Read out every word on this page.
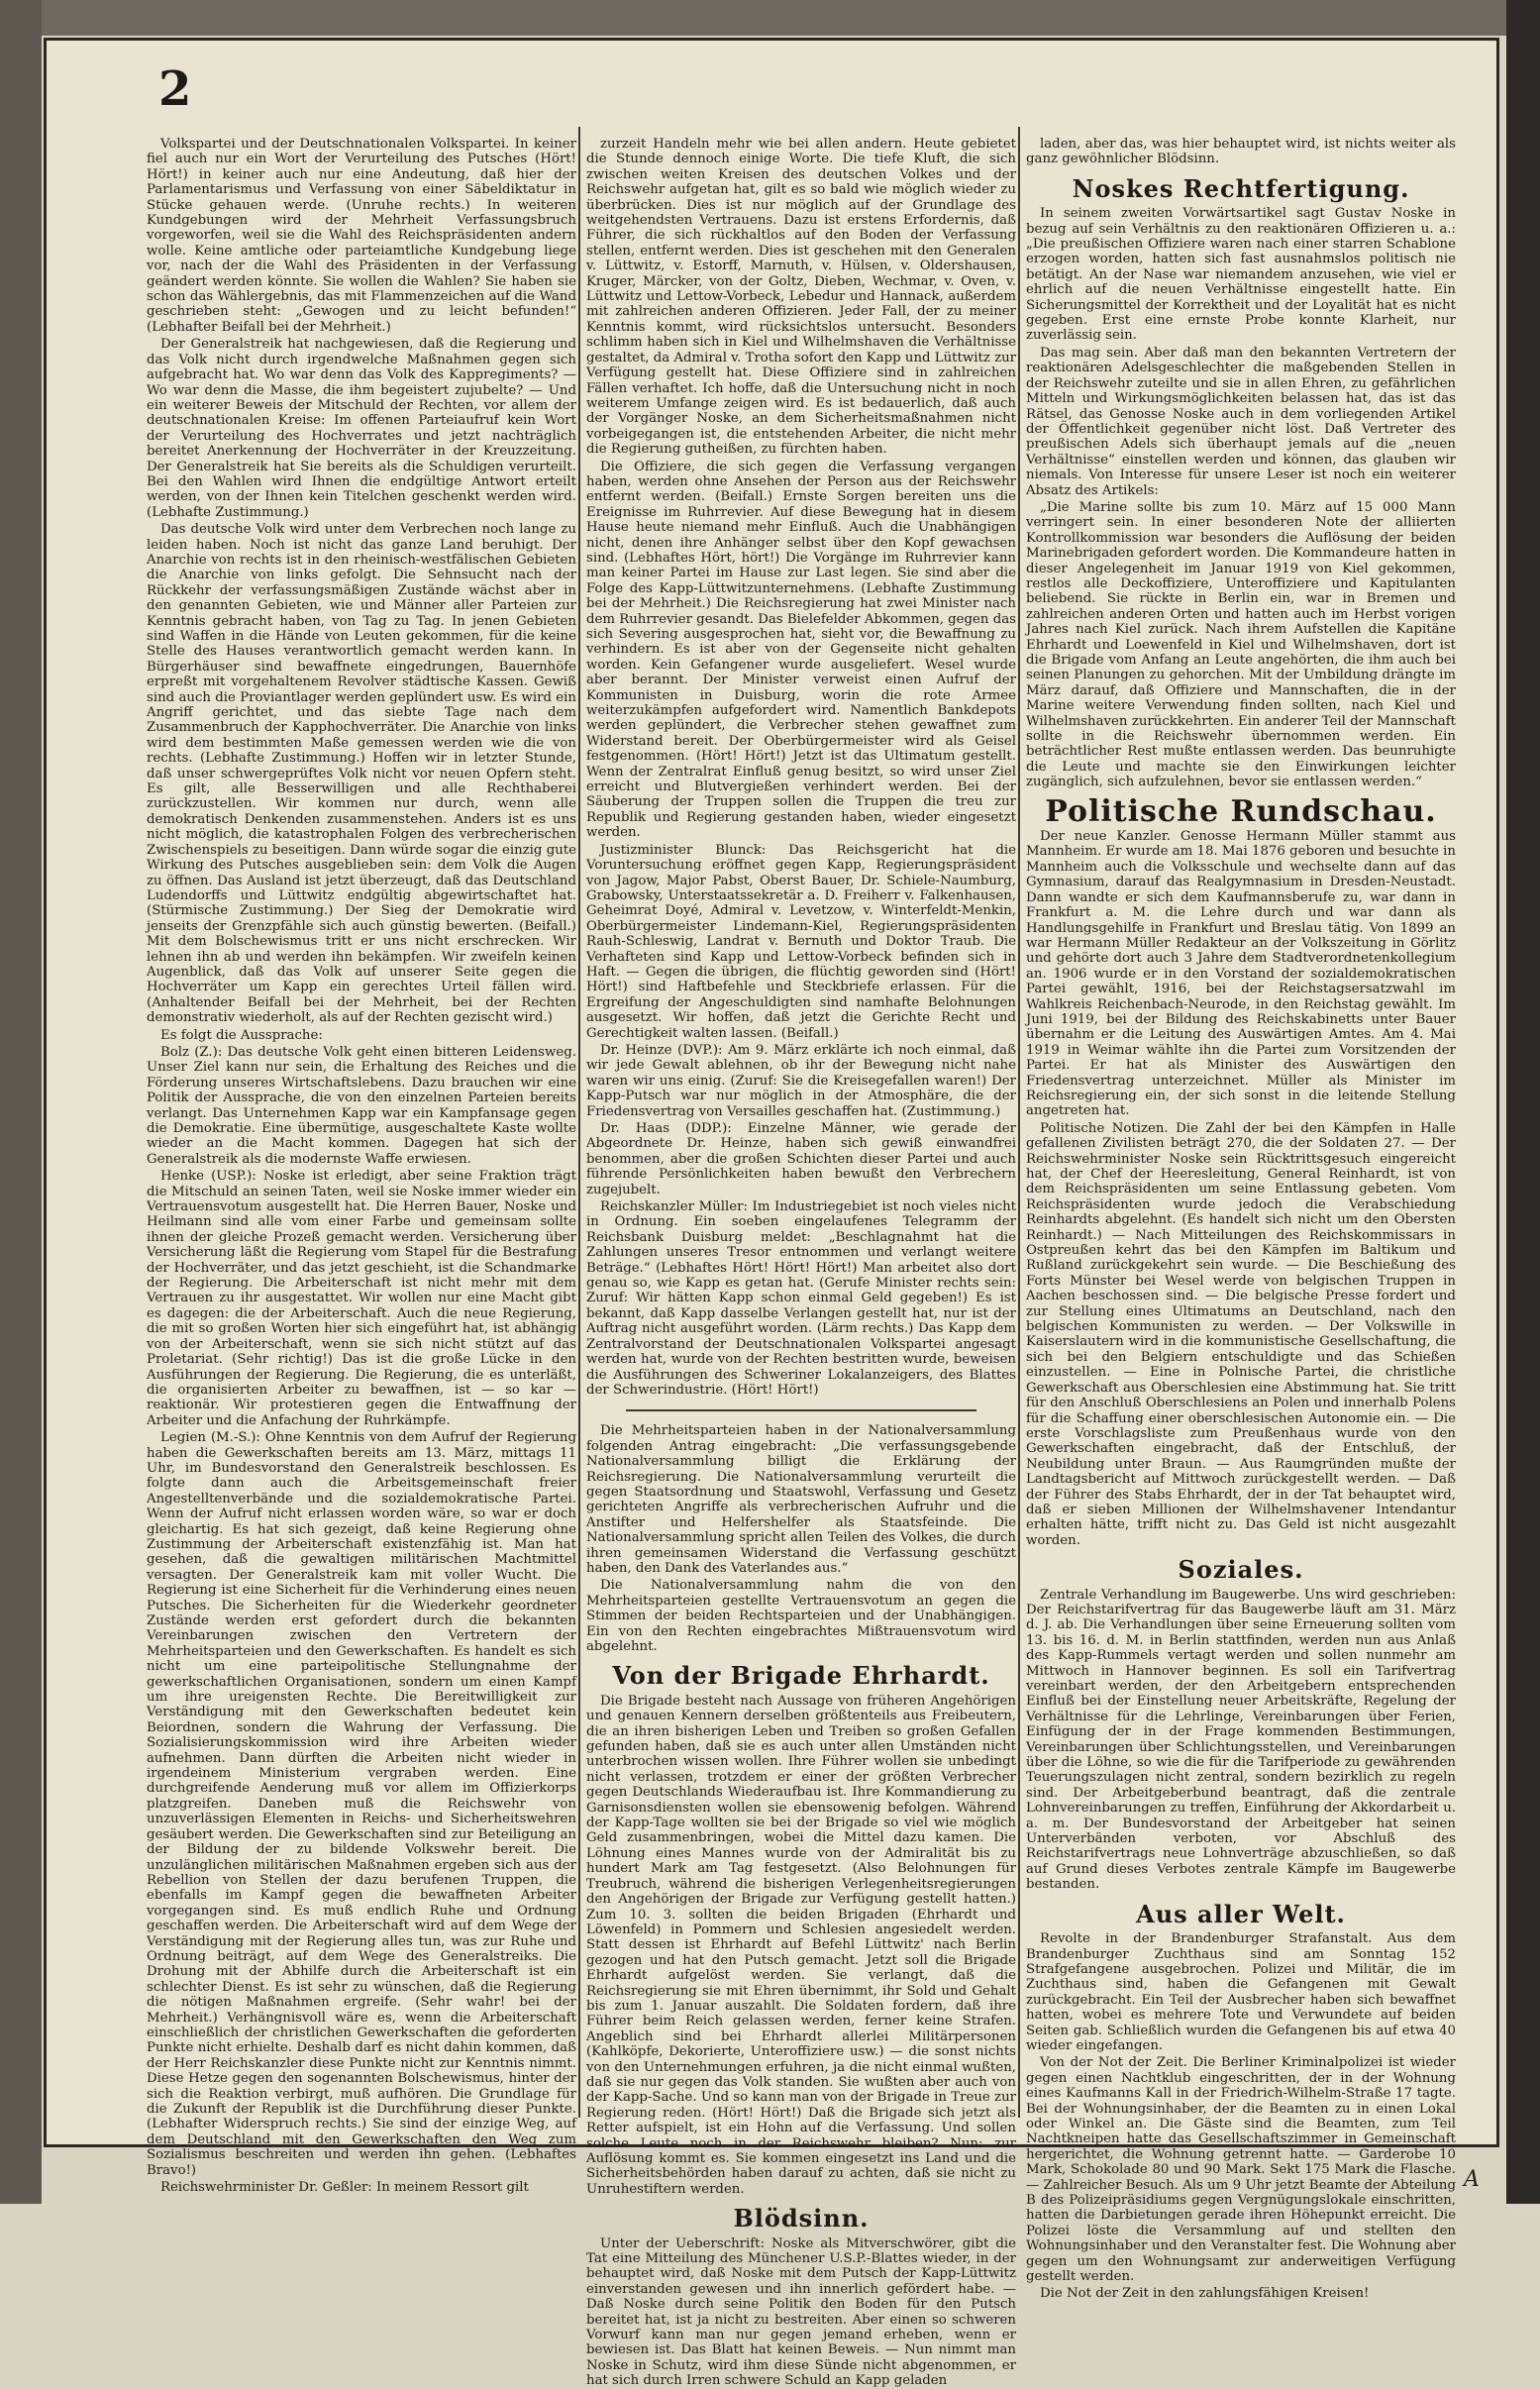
2

Volkspartei und der Deutschnationalen Volkspartei. In keiner fiel auch nur ein Wort der Verurteilung des Putsches (Hört! Hört!) in keiner auch nur eine Andeutung, daß hier der Parlamentarismus und Verfassung von einer Säbeldiktatur in Stücke gehauen werde. (Unruhe rechts.) In weiteren Kundgebungen wird der Mehrheit Verfassungsbruch vorgeworfen, weil sie die Wahl des Reichspräsidenten andern wolle. Keine amtliche oder parteiamtliche Kundgebung liege vor, nach der die Wahl des Präsidenten in der Verfassung geändert werden könnte. Sie wollen die Wahlen? Sie haben sie schon das Wählergebnis, das mit Flammenzeichen auf die Wand geschrieben steht: „Gewogen und zu leicht befunden!“ (Lebhafter Beifall bei der Mehrheit.)

Der Generalstreik hat nachgewiesen, daß die Regierung und das Volk nicht durch irgendwelche Maßnahmen gegen sich aufgebracht hat. Wo war denn das Volk des Kappregiments? — Wo war denn die Masse, die ihm begeistert zujubelte? — Und ein weiterer Beweis der Mitschuld der Rechten, vor allem der deutschnationalen Kreise: Im offenen Parteiaufruf kein Wort der Verurteilung des Hochverrates und jetzt nachträglich bereitet Anerkennung der Hochverräter in der Kreuzzeitung. Der Generalstreik hat Sie bereits als die Schuldigen verurteilt. Bei den Wahlen wird Ihnen die endgültige Antwort erteilt werden, von der Ihnen kein Titelchen geschenkt werden wird. (Lebhafte Zustimmung.)

Das deutsche Volk wird unter dem Verbrechen noch lange zu leiden haben. Noch ist nicht das ganze Land beruhigt. Der Anarchie von rechts ist in den rheinisch-westfälischen Gebieten die Anarchie von links gefolgt. Die Sehnsucht nach der Rückkehr der verfassungsmäßigen Zustände wächst aber in den genannten Gebieten, wie und Männer aller Parteien zur Kenntnis gebracht haben, von Tag zu Tag. In jenen Gebieten sind Waffen in die Hände von Leuten gekommen, für die keine Stelle des Hauses verantwortlich gemacht werden kann. In Bürgerhäuser sind bewaffnete eingedrungen, Bauernhöfe erpreßt mit vorgehaltenem Revolver städtische Kassen. Gewiß sind auch die Proviantlager werden geplündert usw. Es wird ein Angriff gerichtet, und das siebte Tage nach dem Zusammenbruch der Kapphochverräter. Die Anarchie von links wird dem bestimmten Maße gemessen werden wie die von rechts. (Lebhafte Zustimmung.) Hoffen wir in letzter Stunde, daß unser schwergeprüftes Volk nicht vor neuen Opfern steht. Es gilt, alle Besserwilligen und alle Rechthaberei zurückzustellen. Wir kommen nur durch, wenn alle demokratisch Denkenden zusammenstehen. Anders ist es uns nicht möglich, die katastrophalen Folgen des verbrecherischen Zwischenspiels zu beseitigen. Dann würde sogar die einzig gute Wirkung des Putsches ausgeblieben sein: dem Volk die Augen zu öffnen. Das Ausland ist jetzt überzeugt, daß das Deutschland Ludendorffs und Lüttwitz endgültig abgewirtschaftet hat. (Stürmische Zustimmung.) Der Sieg der Demokratie wird jenseits der Grenzpfähle sich auch günstig bewerten. (Beifall.) Mit dem Bolschewismus tritt er uns nicht erschrecken. Wir lehnen ihn ab und werden ihn bekämpfen. Wir zweifeln keinen Augenblick, daß das Volk auf unserer Seite gegen die Hochverräter um Kapp ein gerechtes Urteil fällen wird. (Anhaltender Beifall bei der Mehrheit, bei der Rechten demonstrativ wiederholt, als auf der Rechten gezischt wird.)

Es folgt die Aussprache:

Bolz (Z.): Das deutsche Volk geht einen bitteren Leidensweg. Unser Ziel kann nur sein, die Erhaltung des Reiches und die Förderung unseres Wirtschaftslebens. Dazu brauchen wir eine Politik der Aussprache, die von den einzelnen Parteien bereits verlangt. Das Unternehmen Kapp war ein Kampfansage gegen die Demokratie. Eine übermütige, ausgeschaltete Kaste wollte wieder an die Macht kommen. Dagegen hat sich der Generalstreik als die modernste Waffe erwiesen.

Henke (USP.): Noske ist erledigt, aber seine Fraktion trägt die Mitschuld an seinen Taten, weil sie Noske immer wieder ein Vertrauensvotum ausgestellt hat. Die Herren Bauer, Noske und Heilmann sind alle vom einer Farbe und gemeinsam sollte ihnen der gleiche Prozeß gemacht werden. Versicherung über Versicherung läßt die Regierung vom Stapel für die Bestrafung der Hochverräter, und das jetzt geschieht, ist die Schandmarke der Regierung. Die Arbeiterschaft ist nicht mehr mit dem Vertrauen zu ihr ausgestattet. Wir wollen nur eine Macht gibt es dagegen: die der Arbeiterschaft. Auch die neue Regierung, die mit so großen Worten hier sich eingeführt hat, ist abhängig von der Arbeiterschaft, wenn sie sich nicht stützt auf das Proletariat. (Sehr richtig!) Das ist die große Lücke in den Ausführungen der Regierung. Die Regierung, die es unterläßt, die organisierten Arbeiter zu bewaffnen, ist — so kar — reaktionär. Wir protestieren gegen die Entwaffnung der Arbeiter und die Anfachung der Ruhrkämpfe.

Legien (M.-S.): Ohne Kenntnis von dem Aufruf der Regierung haben die Gewerkschaften bereits am 13. März, mittags 11 Uhr, im Bundesvorstand den Generalstreik beschlossen. Es folgte dann auch die Arbeitsgemeinschaft freier Angestelltenverbände und die sozialdemokratische Partei. Wenn der Aufruf nicht erlassen worden wäre, so war er doch gleichartig. Es hat sich gezeigt, daß keine Regierung ohne Zustimmung der Arbeiterschaft existenzfähig ist. Man hat gesehen, daß die gewaltigen militärischen Machtmittel versagten. Der Generalstreik kam mit voller Wucht. Die Regierung ist eine Sicherheit für die Verhinderung eines neuen Putsches. Die Sicherheiten für die Wiederkehr geordneter Zustände werden erst gefordert durch die bekannten Vereinbarungen zwischen den Vertretern der Mehrheitsparteien und den Gewerkschaften. Es handelt es sich nicht um eine parteipolitische Stellungnahme der gewerkschaftlichen Organisationen, sondern um einen Kampf um ihre ureigensten Rechte. Die Bereitwilligkeit zur Verständigung mit den Gewerkschaften bedeutet kein Beiordnen, sondern die Wahrung der Verfassung. Die Sozialisierungskommission wird ihre Arbeiten wieder aufnehmen. Dann dürften die Arbeiten nicht wieder in irgendeinem Ministerium vergraben werden. Eine durchgreifende Aenderung muß vor allem im Offizierkorps platzgreifen. Daneben muß die Reichswehr von unzuverlässigen Elementen in Reichs- und Sicherheitswehren gesäubert werden. Die Gewerkschaften sind zur Beteiligung an der Bildung der zu bildende Volkswehr bereit. Die unzulänglichen militärischen Maßnahmen ergeben sich aus der Rebellion von Stellen der dazu berufenen Truppen, die ebenfalls im Kampf gegen die bewaffneten Arbeiter vorgegangen sind. Es muß endlich Ruhe und Ordnung geschaffen werden. Die Arbeiterschaft wird auf dem Wege der Verständigung mit der Regierung alles tun, was zur Ruhe und Ordnung beiträgt, auf dem Wege des Generalstreiks. Die Drohung mit der Abhilfe durch die Arbeiterschaft ist ein schlechter Dienst. Es ist sehr zu wünschen, daß die Regierung die nötigen Maßnahmen ergreife. (Sehr wahr! bei der Mehrheit.) Verhängnisvoll wäre es, wenn die Arbeiterschaft einschließlich der christlichen Gewerkschaften die geforderten Punkte nicht erhielte. Deshalb darf es nicht dahin kommen, daß der Herr Reichskanzler diese Punkte nicht zur Kenntnis nimmt. Diese Hetze gegen den sogenannten Bolschewismus, hinter der sich die Reaktion verbirgt, muß aufhören. Die Grundlage für die Zukunft der Republik ist die Durchführung dieser Punkte. (Lebhafter Widerspruch rechts.) Sie sind der einzige Weg, auf dem Deutschland mit den Gewerkschaften den Weg zum Sozialismus beschreiten und werden ihn gehen. (Lebhaftes Bravo!)

Reichswehrminister Dr. Geßler: In meinem Ressort gilt

zurzeit Handeln mehr wie bei allen andern. Heute gebietet die Stunde dennoch einige Worte. Die tiefe Kluft, die sich zwischen weiten Kreisen des deutschen Volkes und der Reichswehr aufgetan hat, gilt es so bald wie möglich wieder zu überbrücken. Dies ist nur möglich auf der Grundlage des weitgehendsten Vertrauens. Dazu ist erstens Erfordernis, daß Führer, die sich rückhaltlos auf den Boden der Verfassung stellen, entfernt werden. Dies ist geschehen mit den Generalen v. Lüttwitz, v. Estorff, Marnuth, v. Hülsen, v. Oldershausen, Kruger, Märcker, von der Goltz, Dieben, Wechmar, v. Oven, v. Lüttwitz und Lettow-Vorbeck, Lebedur und Hannack, außerdem mit zahlreichen anderen Offizieren. Jeder Fall, der zu meiner Kenntnis kommt, wird rücksichtslos untersucht. Besonders schlimm haben sich in Kiel und Wilhelmshaven die Verhältnisse gestaltet, da Admiral v. Trotha sofort den Kapp und Lüttwitz zur Verfügung gestellt hat. Diese Offiziere sind in zahlreichen Fällen verhaftet. Ich hoffe, daß die Untersuchung nicht in noch weiterem Umfange zeigen wird. Es ist bedauerlich, daß auch der Vorgänger Noske, an dem Sicherheitsmaßnahmen nicht vorbeigegangen ist, die entstehenden Arbeiter, die nicht mehr die Regierung gutheißen, zu fürchten haben.

Die Offiziere, die sich gegen die Verfassung vergangen haben, werden ohne Ansehen der Person aus der Reichswehr entfernt werden. (Beifall.) Ernste Sorgen bereiten uns die Ereignisse im Ruhrrevier. Auf diese Bewegung hat in diesem Hause heute niemand mehr Einfluß. Auch die Unabhängigen nicht, denen ihre Anhänger selbst über den Kopf gewachsen sind. (Lebhaftes Hört, hört!) Die Vorgänge im Ruhrrevier kann man keiner Partei im Hause zur Last legen. Sie sind aber die Folge des Kapp-Lüttwitzunternehmens. (Lebhafte Zustimmung bei der Mehrheit.) Die Reichsregierung hat zwei Minister nach dem Ruhrrevier gesandt. Das Bielefelder Abkommen, gegen das sich Severing ausgesprochen hat, sieht vor, die Bewaffnung zu verhindern. Es ist aber von der Gegenseite nicht gehalten worden. Kein Gefangener wurde ausgeliefert. Wesel wurde aber berannt. Der Minister verweist einen Aufruf der Kommunisten in Duisburg, worin die rote Armee weiterzukämpfen aufgefordert wird. Namentlich Bankdepots werden geplündert, die Verbrecher stehen gewaffnet zum Widerstand bereit. Der Oberbürgermeister wird als Geisel festgenommen. (Hört! Hört!) Jetzt ist das Ultimatum gestellt. Wenn der Zentralrat Einfluß genug besitzt, so wird unser Ziel erreicht und Blutvergießen verhindert werden. Bei der Säuberung der Truppen sollen die Truppen die treu zur Republik und Regierung gestanden haben, wieder eingesetzt werden.

Justizminister Blunck: Das Reichsgericht hat die Voruntersuchung eröffnet gegen Kapp, Regierungspräsident von Jagow, Major Pabst, Oberst Bauer, Dr. Schiele-Naumburg, Grabowsky, Unterstaatssekretär a. D. Freiherr v. Falkenhausen, Geheimrat Doyé, Admiral v. Levetzow, v. Winterfeldt-Menkin, Oberbürgermeister Lindemann-Kiel, Regierungspräsidenten Rauh-Schleswig, Landrat v. Bernuth und Doktor Traub. Die Verhafteten sind Kapp und Lettow-Vorbeck befinden sich in Haft. — Gegen die übrigen, die flüchtig geworden sind (Hört! Hört!) sind Haftbefehle und Steckbriefe erlassen. Für die Ergreifung der Angeschuldigten sind namhafte Belohnungen ausgesetzt. Wir hoffen, daß jetzt die Gerichte Recht und Gerechtigkeit walten lassen. (Beifall.)

Dr. Heinze (DVP.): Am 9. März erklärte ich noch einmal, daß wir jede Gewalt ablehnen, ob ihr der Bewegung nicht nahe waren wir uns einig. (Zuruf: Sie die Kreisegefallen waren!) Der Kapp-Putsch war nur möglich in der Atmosphäre, die der Friedensvertrag von Versailles geschaffen hat. (Zustimmung.)

Dr. Haas (DDP.): Einzelne Männer, wie gerade der Abgeordnete Dr. Heinze, haben sich gewiß einwandfrei benommen, aber die großen Schichten dieser Partei und auch führende Persönlichkeiten haben bewußt den Verbrechern zugejubelt.

Reichskanzler Müller: Im Industriegebiet ist noch vieles nicht in Ordnung. Ein soeben eingelaufenes Telegramm der Reichsbank Duisburg meldet: „Beschlagnahmt hat die Zahlungen unseres Tresor entnommen und verlangt weitere Beträge.“ (Lebhaftes Hört! Hört! Hört!) Man arbeitet also dort genau so, wie Kapp es getan hat. (Gerufe Minister rechts sein: Zuruf: Wir hätten Kapp schon einmal Geld gegeben!) Es ist bekannt, daß Kapp dasselbe Verlangen gestellt hat, nur ist der Auftrag nicht ausgeführt worden. (Lärm rechts.) Das Kapp dem Zentralvorstand der Deutschnationalen Volkspartei angesagt werden hat, wurde von der Rechten bestritten wurde, beweisen die Ausführungen des Schweriner Lokalanzeigers, des Blattes der Schwerindustrie. (Hört! Hört!)

Die Mehrheitsparteien haben in der Nationalversammlung folgenden Antrag eingebracht: „Die verfassungsgebende Nationalversammlung billigt die Erklärung der Reichsregierung. Die Nationalversammlung verurteilt die gegen Staatsordnung und Staatswohl, Verfassung und Gesetz gerichteten Angriffe als verbrecherischen Aufruhr und die Anstifter und Helfershelfer als Staatsfeinde. Die Nationalversammlung spricht allen Teilen des Volkes, die durch ihren gemeinsamen Widerstand die Verfassung geschützt haben, den Dank des Vaterlandes aus.“

Die Nationalversammlung nahm die von den Mehrheitsparteien gestellte Vertrauensvotum an gegen die Stimmen der beiden Rechtsparteien und der Unabhängigen. Ein von den Rechten eingebrachtes Mißtrauensvotum wird abgelehnt.

Von der Brigade Ehrhardt.

Die Brigade besteht nach Aussage von früheren Angehörigen und genauen Kennern derselben größtenteils aus Freibeutern, die an ihren bisherigen Leben und Treiben so großen Gefallen gefunden haben, daß sie es auch unter allen Umständen nicht unterbrochen wissen wollen. Ihre Führer wollen sie unbedingt nicht verlassen, trotzdem er einer der größten Verbrecher gegen Deutschlands Wiederaufbau ist. Ihre Kommandierung zu Garnisonsdiensten wollen sie ebensowenig befolgen. Während der Kapp-Tage wollten sie bei der Brigade so viel wie möglich Geld zusammenbringen, wobei die Mittel dazu kamen. Die Löhnung eines Mannes wurde von der Admiralität bis zu hundert Mark am Tag festgesetzt. (Also Belohnungen für Treubruch, während die bisherigen Verlegenheitsregierungen den Angehörigen der Brigade zur Verfügung gestellt hatten.) Zum 10. 3. sollten die beiden Brigaden (Ehrhardt und Löwenfeld) in Pommern und Schlesien angesiedelt werden. Statt dessen ist Ehrhardt auf Befehl Lüttwitz' nach Berlin gezogen und hat den Putsch gemacht. Jetzt soll die Brigade Ehrhardt aufgelöst werden. Sie verlangt, daß die Reichsregierung sie mit Ehren übernimmt, ihr Sold und Gehalt bis zum 1. Januar auszahlt. Die Soldaten fordern, daß ihre Führer beim Reich gelassen werden, ferner keine Strafen. Angeblich sind bei Ehrhardt allerlei Militärpersonen (Kahlköpfe, Dekorierte, Unteroffiziere usw.) — die sonst nichts von den Unternehmungen erfuhren, ja die nicht einmal wußten, daß sie nur gegen das Volk standen. Sie wußten aber auch von der Kapp-Sache. Und so kann man von der Brigade in Treue zur Regierung reden. (Hört! Hört!) Daß die Brigade sich jetzt als Retter aufspielt, ist ein Hohn auf die Verfassung. Und sollen solche Leute noch in der Reichswehr bleiben? Nun: zur Auflösung kommt es. Sie kommen eingesetzt ins Land und die Sicherheitsbehörden haben darauf zu achten, daß sie nicht zu Unruhestiftern werden.

Blödsinn.

Unter der Ueberschrift: Noske als Mitverschwörer, gibt die Tat eine Mitteilung des Münchener U.S.P.-Blattes wieder, in der behauptet wird, daß Noske mit dem Putsch der Kapp-Lüttwitz einverstanden gewesen und ihn innerlich gefördert habe. — Daß Noske durch seine Politik den Boden für den Putsch bereitet hat, ist ja nicht zu bestreiten. Aber einen so schweren Vorwurf kann man nur gegen jemand erheben, wenn er bewiesen ist. Das Blatt hat keinen Beweis. — Nun nimmt man Noske in Schutz, wird ihm diese Sünde nicht abgenommen, er hat sich durch Irren schwere Schuld an Kapp geladen

laden, aber das, was hier behauptet wird, ist nichts weiter als ganz gewöhnlicher Blödsinn.

Noskes Rechtfertigung.

In seinem zweiten Vorwärtsartikel sagt Gustav Noske in bezug auf sein Verhältnis zu den reaktionären Offizieren u. a.: „Die preußischen Offiziere waren nach einer starren Schablone erzogen worden, hatten sich fast ausnahmslos politisch nie betätigt. An der Nase war niemandem anzusehen, wie viel er ehrlich auf die neuen Verhältnisse eingestellt hatte. Ein Sicherungsmittel der Korrektheit und der Loyalität hat es nicht gegeben. Erst eine ernste Probe konnte Klarheit, nur zuverlässig sein.

Das mag sein. Aber daß man den bekannten Vertretern der reaktionären Adelsgeschlechter die maßgebenden Stellen in der Reichswehr zuteilte und sie in allen Ehren, zu gefährlichen Mitteln und Wirkungsmöglichkeiten belassen hat, das ist das Rätsel, das Genosse Noske auch in dem vorliegenden Artikel der Öffentlichkeit gegenüber nicht löst. Daß Vertreter des preußischen Adels sich überhaupt jemals auf die „neuen Verhältnisse“ einstellen werden und können, das glauben wir niemals. Von Interesse für unsere Leser ist noch ein weiterer Absatz des Artikels:

„Die Marine sollte bis zum 10. März auf 15 000 Mann verringert sein. In einer besonderen Note der alliierten Kontrollkommission war besonders die Auflösung der beiden Marinebrigaden gefordert worden. Die Kommandeure hatten in dieser Angelegenheit im Januar 1919 von Kiel gekommen, restlos alle Deckoffiziere, Unteroffiziere und Kapitulanten beliebend. Sie rückte in Berlin ein, war in Bremen und zahlreichen anderen Orten und hatten auch im Herbst vorigen Jahres nach Kiel zurück. Nach ihrem Aufstellen die Kapitäne Ehrhardt und Loewenfeld in Kiel und Wilhelmshaven, dort ist die Brigade vom Anfang an Leute angehörten, die ihm auch bei seinen Planungen zu gehorchen. Mit der Umbildung drängte im März darauf, daß Offiziere und Mannschaften, die in der Marine weitere Verwendung finden sollten, nach Kiel und Wilhelmshaven zurückkehrten. Ein anderer Teil der Mannschaft sollte in die Reichswehr übernommen werden. Ein beträchtlicher Rest mußte entlassen werden. Das beunruhigte die Leute und machte sie den Einwirkungen leichter zugänglich, sich aufzulehnen, bevor sie entlassen werden.“

Politische Rundschau.

Der neue Kanzler. Genosse Hermann Müller stammt aus Mannheim. Er wurde am 18. Mai 1876 geboren und besuchte in Mannheim auch die Volksschule und wechselte dann auf das Gymnasium, darauf das Realgymnasium in Dresden-Neustadt. Dann wandte er sich dem Kaufmannsberufe zu, war dann in Frankfurt a. M. die Lehre durch und war dann als Handlungsgehilfe in Frankfurt und Breslau tätig. Von 1899 an war Hermann Müller Redakteur an der Volkszeitung in Görlitz und gehörte dort auch 3 Jahre dem Stadtverordnetenkollegium an. 1906 wurde er in den Vorstand der sozialdemokratischen Partei gewählt, 1916, bei der Reichstagsersatzwahl im Wahlkreis Reichenbach-Neurode, in den Reichstag gewählt. Im Juni 1919, bei der Bildung des Reichskabinetts unter Bauer übernahm er die Leitung des Auswärtigen Amtes. Am 4. Mai 1919 in Weimar wählte ihn die Partei zum Vorsitzenden der Partei. Er hat als Minister des Auswärtigen den Friedensvertrag unterzeichnet. Müller als Minister im Reichsregierung ein, der sich sonst in die leitende Stellung angetreten hat.

Politische Notizen. Die Zahl der bei den Kämpfen in Halle gefallenen Zivilisten beträgt 270, die der Soldaten 27. — Der Reichswehrminister Noske sein Rücktrittsgesuch eingereicht hat, der Chef der Heeresleitung, General Reinhardt, ist von dem Reichspräsidenten um seine Entlassung gebeten. Vom Reichspräsidenten wurde jedoch die Verabschiedung Reinhardts abgelehnt. (Es handelt sich nicht um den Obersten Reinhardt.) — Nach Mitteilungen des Reichskommissars in Ostpreußen kehrt das bei den Kämpfen im Baltikum und Rußland zurückgekehrt sein wurde. — Die Beschießung des Forts Münster bei Wesel werde von belgischen Truppen in Aachen beschossen sind. — Die belgische Presse fordert und zur Stellung eines Ultimatums an Deutschland, nach den belgischen Kommunisten zu werden. — Der Volkswille in Kaiserslautern wird in die kommunistische Gesellschaftung, die sich bei den Belgiern entschuldigte und das Schießen einzustellen. — Eine in Polnische Partei, die christliche Gewerkschaft aus Oberschlesien eine Abstimmung hat. Sie tritt für den Anschluß Oberschlesiens an Polen und innerhalb Polens für die Schaffung einer oberschlesischen Autonomie ein. — Die erste Vorschlagsliste zum Preußenhaus wurde von den Gewerkschaften eingebracht, daß der Entschluß, der Neubildung unter Braun. — Aus Raumgründen mußte der Landtagsbericht auf Mittwoch zurückgestellt werden. — Daß der Führer des Stabs Ehrhardt, der in der Tat behauptet wird, daß er sieben Millionen der Wilhelmshavener Intendantur erhalten hätte, trifft nicht zu. Das Geld ist nicht ausgezahlt worden.

Soziales.

Zentrale Verhandlung im Baugewerbe. Uns wird geschrieben: Der Reichstarifvertrag für das Baugewerbe läuft am 31. März d. J. ab. Die Verhandlungen über seine Erneuerung sollten vom 13. bis 16. d. M. in Berlin stattfinden, werden nun aus Anlaß des Kapp-Rummels vertagt werden und sollen nunmehr am Mittwoch in Hannover beginnen. Es soll ein Tarifvertrag vereinbart werden, der den Arbeitgebern entsprechenden Einfluß bei der Einstellung neuer Arbeitskräfte, Regelung der Verhältnisse für die Lehrlinge, Vereinbarungen über Ferien, Einfügung der in der Frage kommenden Bestimmungen, Vereinbarungen über Schlichtungsstellen, und Vereinbarungen über die Löhne, so wie die für die Tarifperiode zu gewährenden Teuerungszulagen nicht zentral, sondern bezirklich zu regeln sind. Der Arbeitgeberbund beantragt, daß die zentrale Lohnvereinbarungen zu treffen, Einführung der Akkordarbeit u. a. m. Der Bundesvorstand der Arbeitgeber hat seinen Unterverbänden verboten, vor Abschluß des Reichstarifvertrags neue Lohnverträge abzuschließen, so daß auf Grund dieses Verbotes zentrale Kämpfe im Baugewerbe bestanden.

Aus aller Welt.

Revolte in der Brandenburger Strafanstalt. Aus dem Brandenburger Zuchthaus sind am Sonntag 152 Strafgefangene ausgebrochen. Polizei und Militär, die im Zuchthaus sind, haben die Gefangenen mit Gewalt zurückgebracht. Ein Teil der Ausbrecher haben sich bewaffnet hatten, wobei es mehrere Tote und Verwundete auf beiden Seiten gab. Schließlich wurden die Gefangenen bis auf etwa 40 wieder eingefangen.

Von der Not der Zeit. Die Berliner Kriminalpolizei ist wieder gegen einen Nachtklub eingeschritten, der in der Wohnung eines Kaufmanns Kall in der Friedrich-Wilhelm-Straße 17 tagte. Bei der Wohnungsinhaber, der die Beamten zu in einen Lokal oder Winkel an. Die Gäste sind die Beamten, zum Teil Nachtkneipen hatte das Gesellschaftszimmer in Gemeinschaft hergerichtet, die Wohnung getrennt hatte. — Garderobe 10 Mark, Schokolade 80 und 90 Mark. Sekt 175 Mark die Flasche. — Zahlreicher Besuch. Als um 9 Uhr jetzt Beamte der Abteilung B des Polizeipräsidiums gegen Vergnügungslokale einschritten, hatten die Darbietungen gerade ihren Höhepunkt erreicht. Die Polizei löste die Versammlung auf und stellten den Wohnungsinhaber und den Veranstalter fest. Die Wohnung aber gegen um den Wohnungsamt zur anderweitigen Verfügung gestellt werden.

Die Not der Zeit in den zahlungsfähigen Kreisen!

A
